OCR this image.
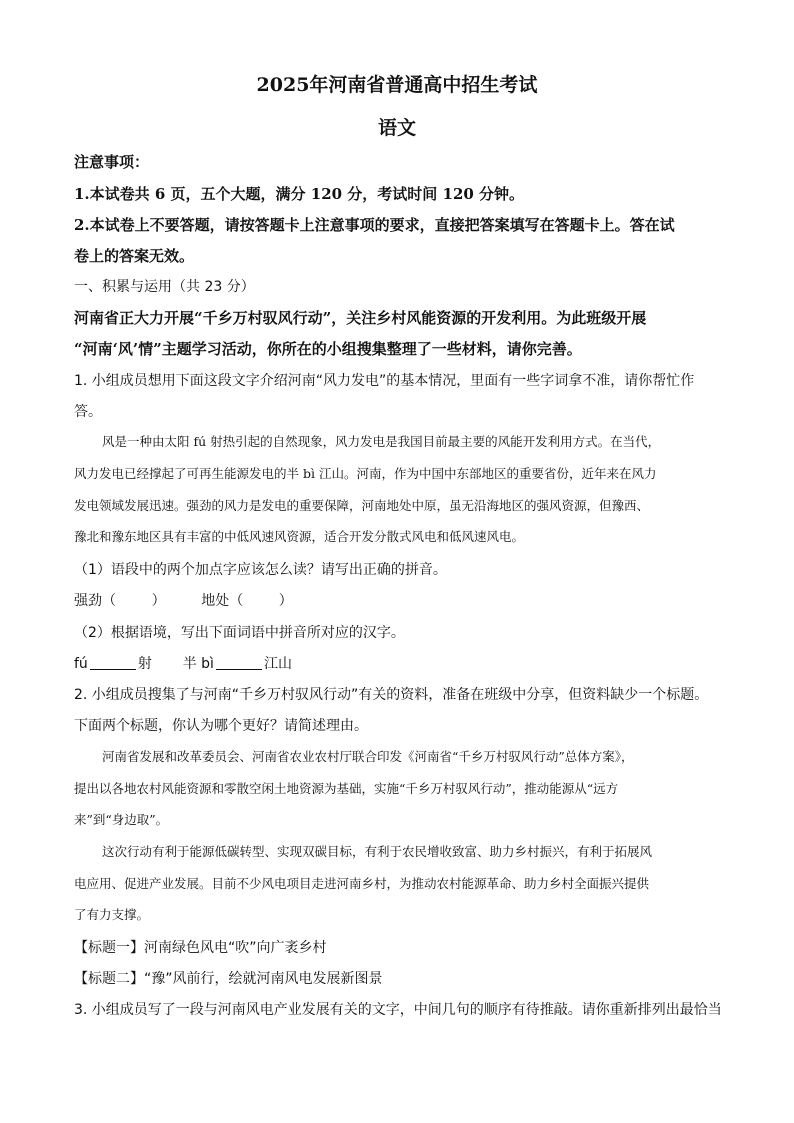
2025年河南省普通高中招生考试
语文
注意事项：
1.本试卷共 6 页，五个大题，满分 120 分，考试时间 120 分钟。
2.本试卷上不要答题，请按答题卡上注意事项的要求，直接把答案填写在答题卡上。答在试
卷上的答案无效。
一、积累与运用（共 23 分）
河南省正大力开展“千乡万村驭风行动”，关注乡村风能资源的开发利用。为此班级开展
“河南‘风’情”主题学习活动，你所在的小组搜集整理了一些材料，请你完善。
1. 小组成员想用下面这段文字介绍河南“风力发电”的基本情况，里面有一些字词拿不准，请你帮忙作
答。
风是一种由太阳 fú 射热引起的自然现象，风力发电是我国目前最主要的风能开发利用方式。在当代，
风力发电已经撑起了可再生能源发电的半 bì 江山。河南，作为中国中东部地区的重要省份，近年来在风力
发电领域发展迅速。强劲的风力是发电的重要保障，河南地处中原，虽无沿海地区的强风资源，但豫西、
豫北和豫东地区具有丰富的中低风速风资源，适合开发分散式风电和低风速风电。
（1）语段中的两个加点字应该怎么读？请写出正确的拼音。
强劲（        ）        地处（        ）
（2）根据语境，写出下面词语中拼音所对应的汉字。
fú	射 半 bì	江山
2. 小组成员搜集了与河南“千乡万村驭风行动”有关的资料，准备在班级中分享，但资料缺少一个标题。
下面两个标题，你认为哪个更好？请简述理由。
河南省发展和改革委员会、河南省农业农村厅联合印发《河南省“千乡万村驭风行动”总体方案》，
提出以各地农村风能资源和零散空闲土地资源为基础，实施“千乡万村驭风行动”，推动能源从“远方
来”到“身边取”。
这次行动有利于能源低碳转型、实现双碳目标，有利于农民增收致富、助力乡村振兴，有利于拓展风
电应用、促进产业发展。目前不少风电项目走进河南乡村，为推动农村能源革命、助力乡村全面振兴提供
了有力支撑。
【标题一】河南绿色风电“吹”向广袤乡村
【标题二】“豫”风前行，绘就河南风电发展新图景
3. 小组成员写了一段与河南风电产业发展有关的文字，中间几句的顺序有待推敲。请你重新排列出最恰当
